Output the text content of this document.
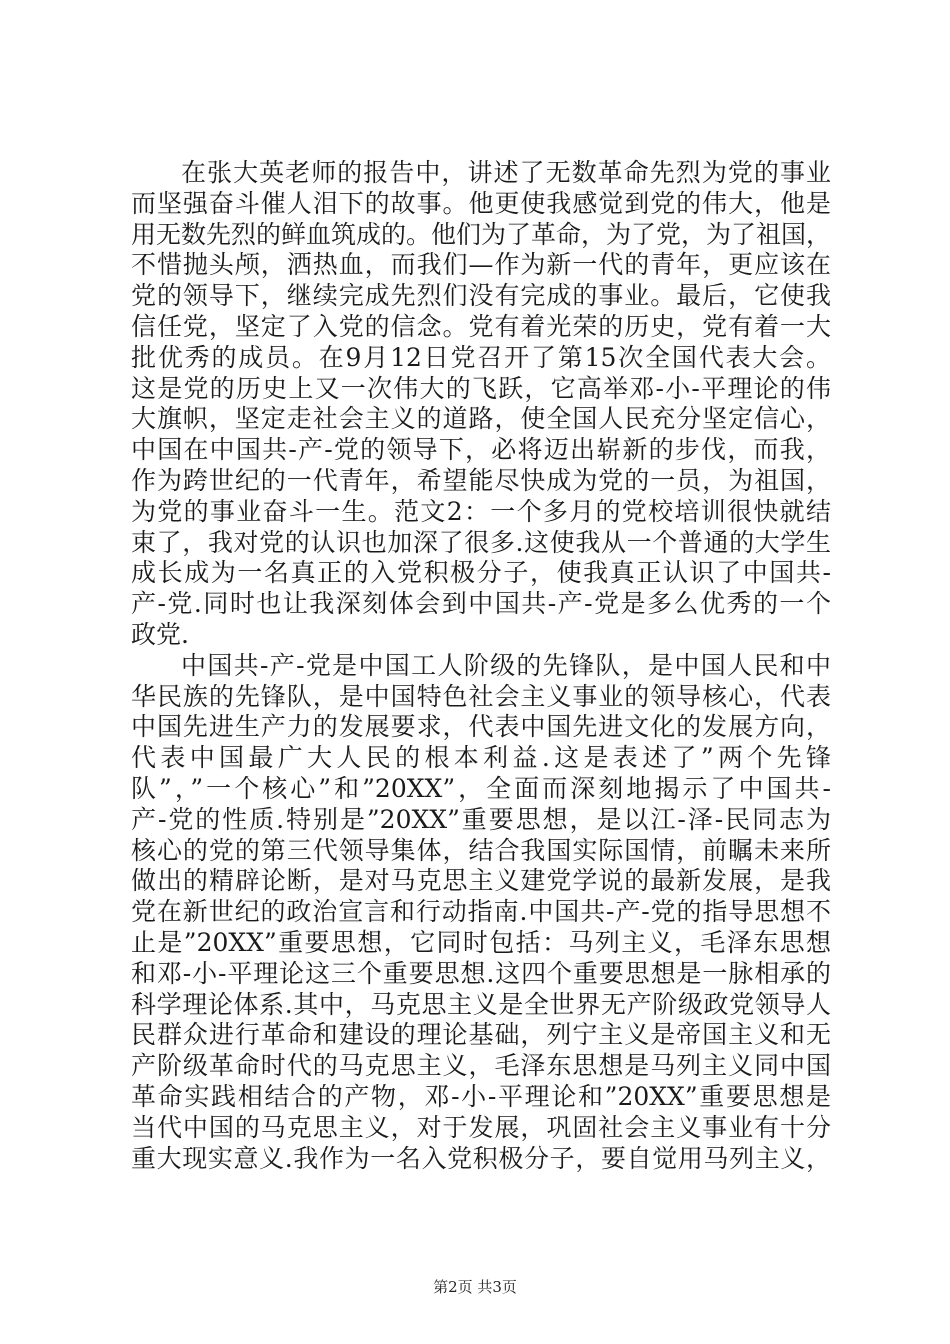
在张大英老师的报告中，讲述了无数革命先烈为党的事业
而坚强奋斗催人泪下的故事。他更使我感觉到党的伟大，他是
用无数先烈的鲜血筑成的。他们为了革命，为了党，为了祖国，
不惜抛头颅，洒热血，而我们—作为新一代的青年，更应该在
党的领导下，继续完成先烈们没有完成的事业。最后，它使我
信任党，坚定了入党的信念。党有着光荣的历史，党有着一大
批优秀的成员。在9月12日党召开了第15次全国代表大会。
这是党的历史上又一次伟大的飞跃，它高举邓-小-平理论的伟
大旗帜，坚定走社会主义的道路，使全国人民充分坚定信心，
中国在中国共-产-党的领导下，必将迈出崭新的步伐，而我，
作为跨世纪的一代青年，希望能尽快成为党的一员，为祖国，
为党的事业奋斗一生。范文2：一个多月的党校培训很快就结
束了，我对党的认识也加深了很多.这使我从一个普通的大学生
成长成为一名真正的入党积极分子，使我真正认识了中国共-
产-党.同时也让我深刻体会到中国共-产-党是多么优秀的一个
政党.
中国共-产-党是中国工人阶级的先锋队，是中国人民和中
华民族的先锋队，是中国特色社会主义事业的领导核心，代表
中国先进生产力的发展要求，代表中国先进文化的发展方向，
代表中国最广大人民的根本利益.这是表述了”两个先锋
队”，”一个核心”和”20XX”，全面而深刻地揭示了中国共-
产-党的性质.特别是”20XX”重要思想，是以江-泽-民同志为
核心的党的第三代领导集体，结合我国实际国情，前瞩未来所
做出的精辟论断，是对马克思主义建党学说的最新发展，是我
党在新世纪的政治宣言和行动指南.中国共-产-党的指导思想不
止是”20XX”重要思想，它同时包括：马列主义，毛泽东思想
和邓-小-平理论这三个重要思想.这四个重要思想是一脉相承的
科学理论体系.其中，马克思主义是全世界无产阶级政党领导人
民群众进行革命和建设的理论基础，列宁主义是帝国主义和无
产阶级革命时代的马克思主义，毛泽东思想是马列主义同中国
革命实践相结合的产物，邓-小-平理论和”20XX”重要思想是
当代中国的马克思主义，对于发展，巩固社会主义事业有十分
重大现实意义.我作为一名入党积极分子，要自觉用马列主义，
第2页 共3页
